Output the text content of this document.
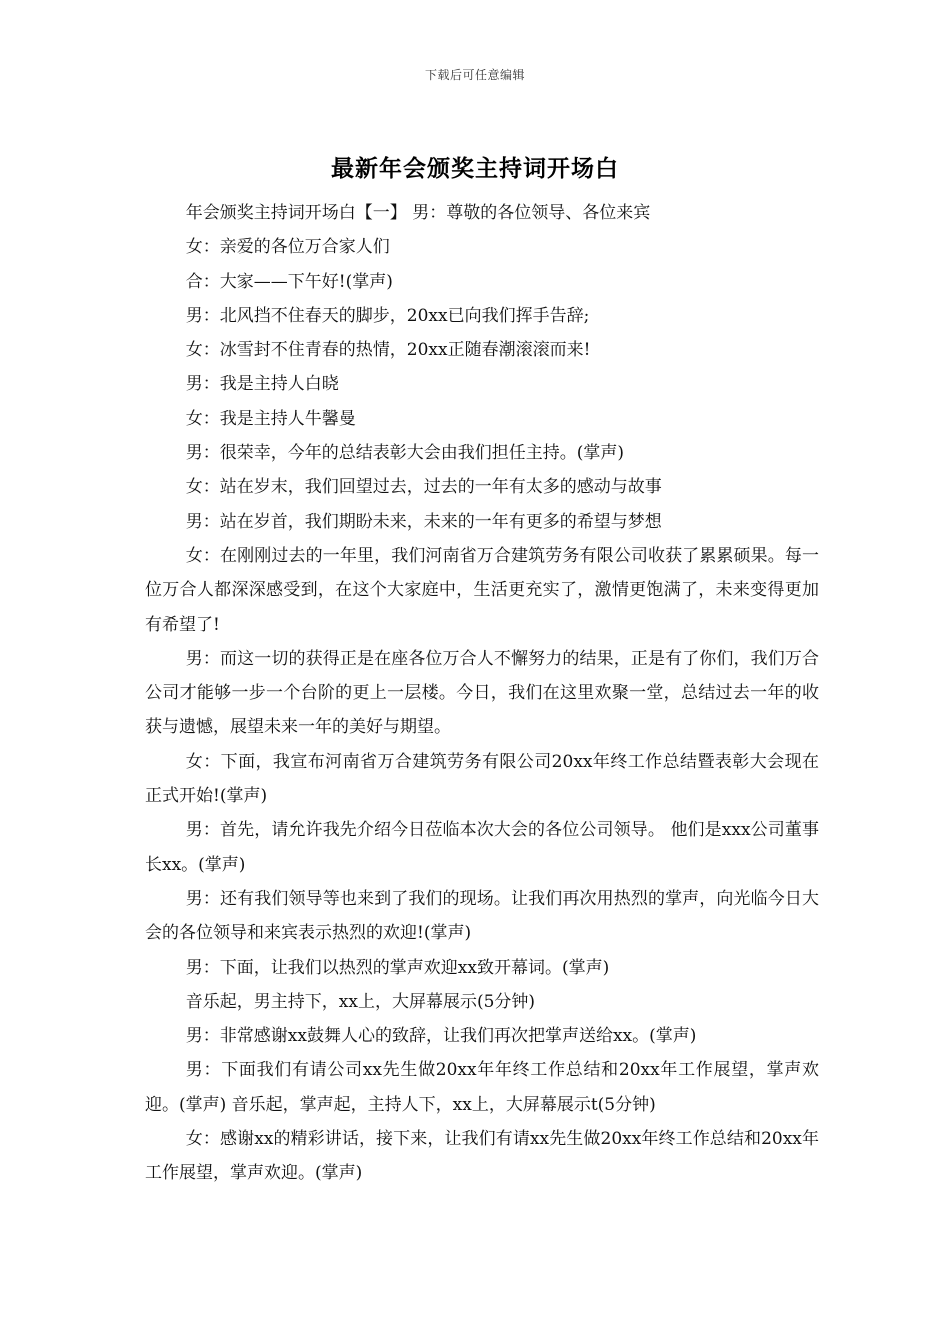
下载后可任意编辑
最新年会颁奖主持词开场白

年会颁奖主持词开场白【一】 男：尊敬的各位领导、各位来宾

女：亲爱的各位万合家人们

合：大家——下午好!(掌声)

男：北风挡不住春天的脚步，20xx已向我们挥手告辞;

女：冰雪封不住青春的热情，20xx正随春潮滚滚而来!

男：我是主持人白晓

女：我是主持人牛馨曼

男：很荣幸，今年的总结表彰大会由我们担任主持。(掌声)

女：站在岁末，我们回望过去，过去的一年有太多的感动与故事

男：站在岁首，我们期盼未来，未来的一年有更多的希望与梦想

女：在刚刚过去的一年里，我们河南省万合建筑劳务有限公司收获了累累硕果。每一位万合人都深深感受到，在这个大家庭中，生活更充实了，激情更饱满了，未来变得更加有希望了!

男：而这一切的获得正是在座各位万合人不懈努力的结果，正是有了你们，我们万合公司才能够一步一个台阶的更上一层楼。今日，我们在这里欢聚一堂，总结过去一年的收获与遗憾，展望未来一年的美好与期望。

女：下面，我宣布河南省万合建筑劳务有限公司20xx年终工作总结暨表彰大会现在正式开始!(掌声)

男：首先，请允许我先介绍今日莅临本次大会的各位公司领导。 他们是xxx公司董事长xx。(掌声)

男：还有我们领导等也来到了我们的现场。让我们再次用热烈的掌声，向光临今日大会的各位领导和来宾表示热烈的欢迎!(掌声)

男：下面，让我们以热烈的掌声欢迎xx致开幕词。(掌声)

音乐起，男主持下，xx上，大屏幕展示(5分钟)

男：非常感谢xx鼓舞人心的致辞，让我们再次把掌声送给xx。(掌声)

男：下面我们有请公司xx先生做20xx年年终工作总结和20xx年工作展望，掌声欢迎。(掌声) 音乐起，掌声起，主持人下，xx上，大屏幕展示t(5分钟)

女：感谢xx的精彩讲话，接下来，让我们有请xx先生做20xx年终工作总结和20xx年工作展望，掌声欢迎。(掌声)
